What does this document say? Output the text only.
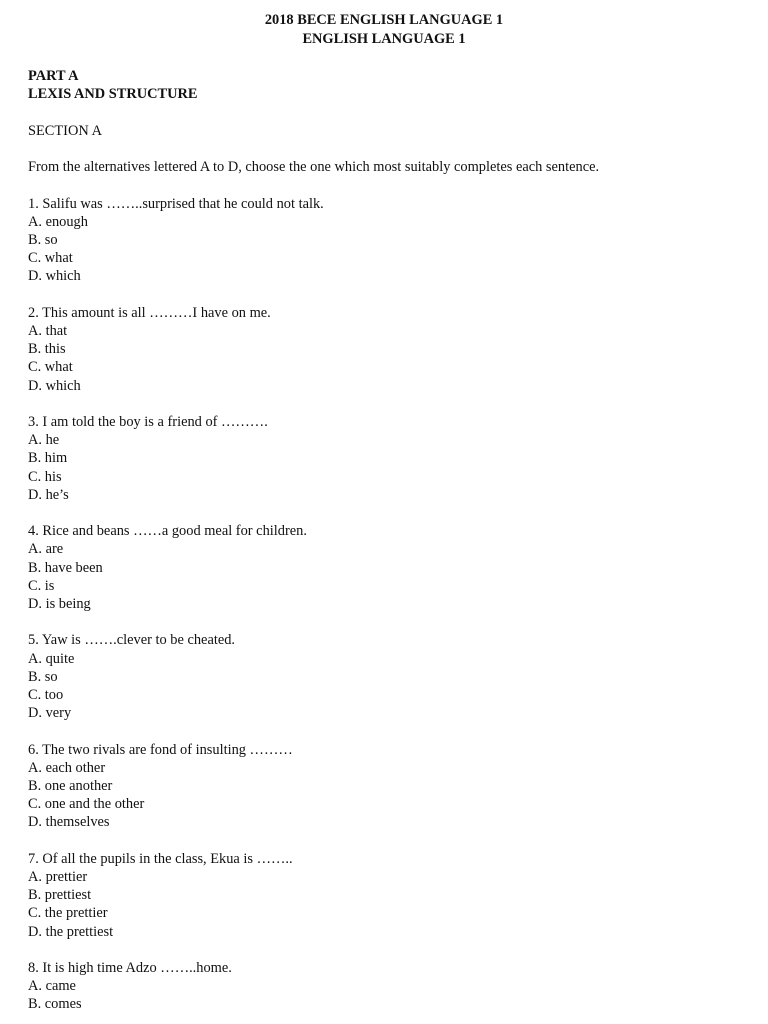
2018 BECE ENGLISH LANGUAGE 1
ENGLISH LANGUAGE 1
PART A
LEXIS AND STRUCTURE
SECTION A
From the alternatives lettered A to D, choose the one which most suitably completes each sentence.
1. Salifu was ……..surprised that he could not talk.
A. enough
B. so
C. what
D. which
2. This amount is all ………I have on me.
A. that
B. this
C. what
D. which
3. I am told the boy is a friend of ……….
A. he
B. him
C. his
D. he’s
4. Rice and beans ……a good meal for children.
A. are
B. have been
C. is
D. is being
5. Yaw is …….clever to be cheated.
A. quite
B. so
C. too
D. very
6. The two rivals are fond of insulting ………
A. each other
B. one another
C. one and the other
D. themselves
7. Of all the pupils in the class, Ekua is ……..
A. prettier
B. prettiest
C. the prettier
D. the prettiest
8. It is high time Adzo ……..home.
A. came
B. comes
